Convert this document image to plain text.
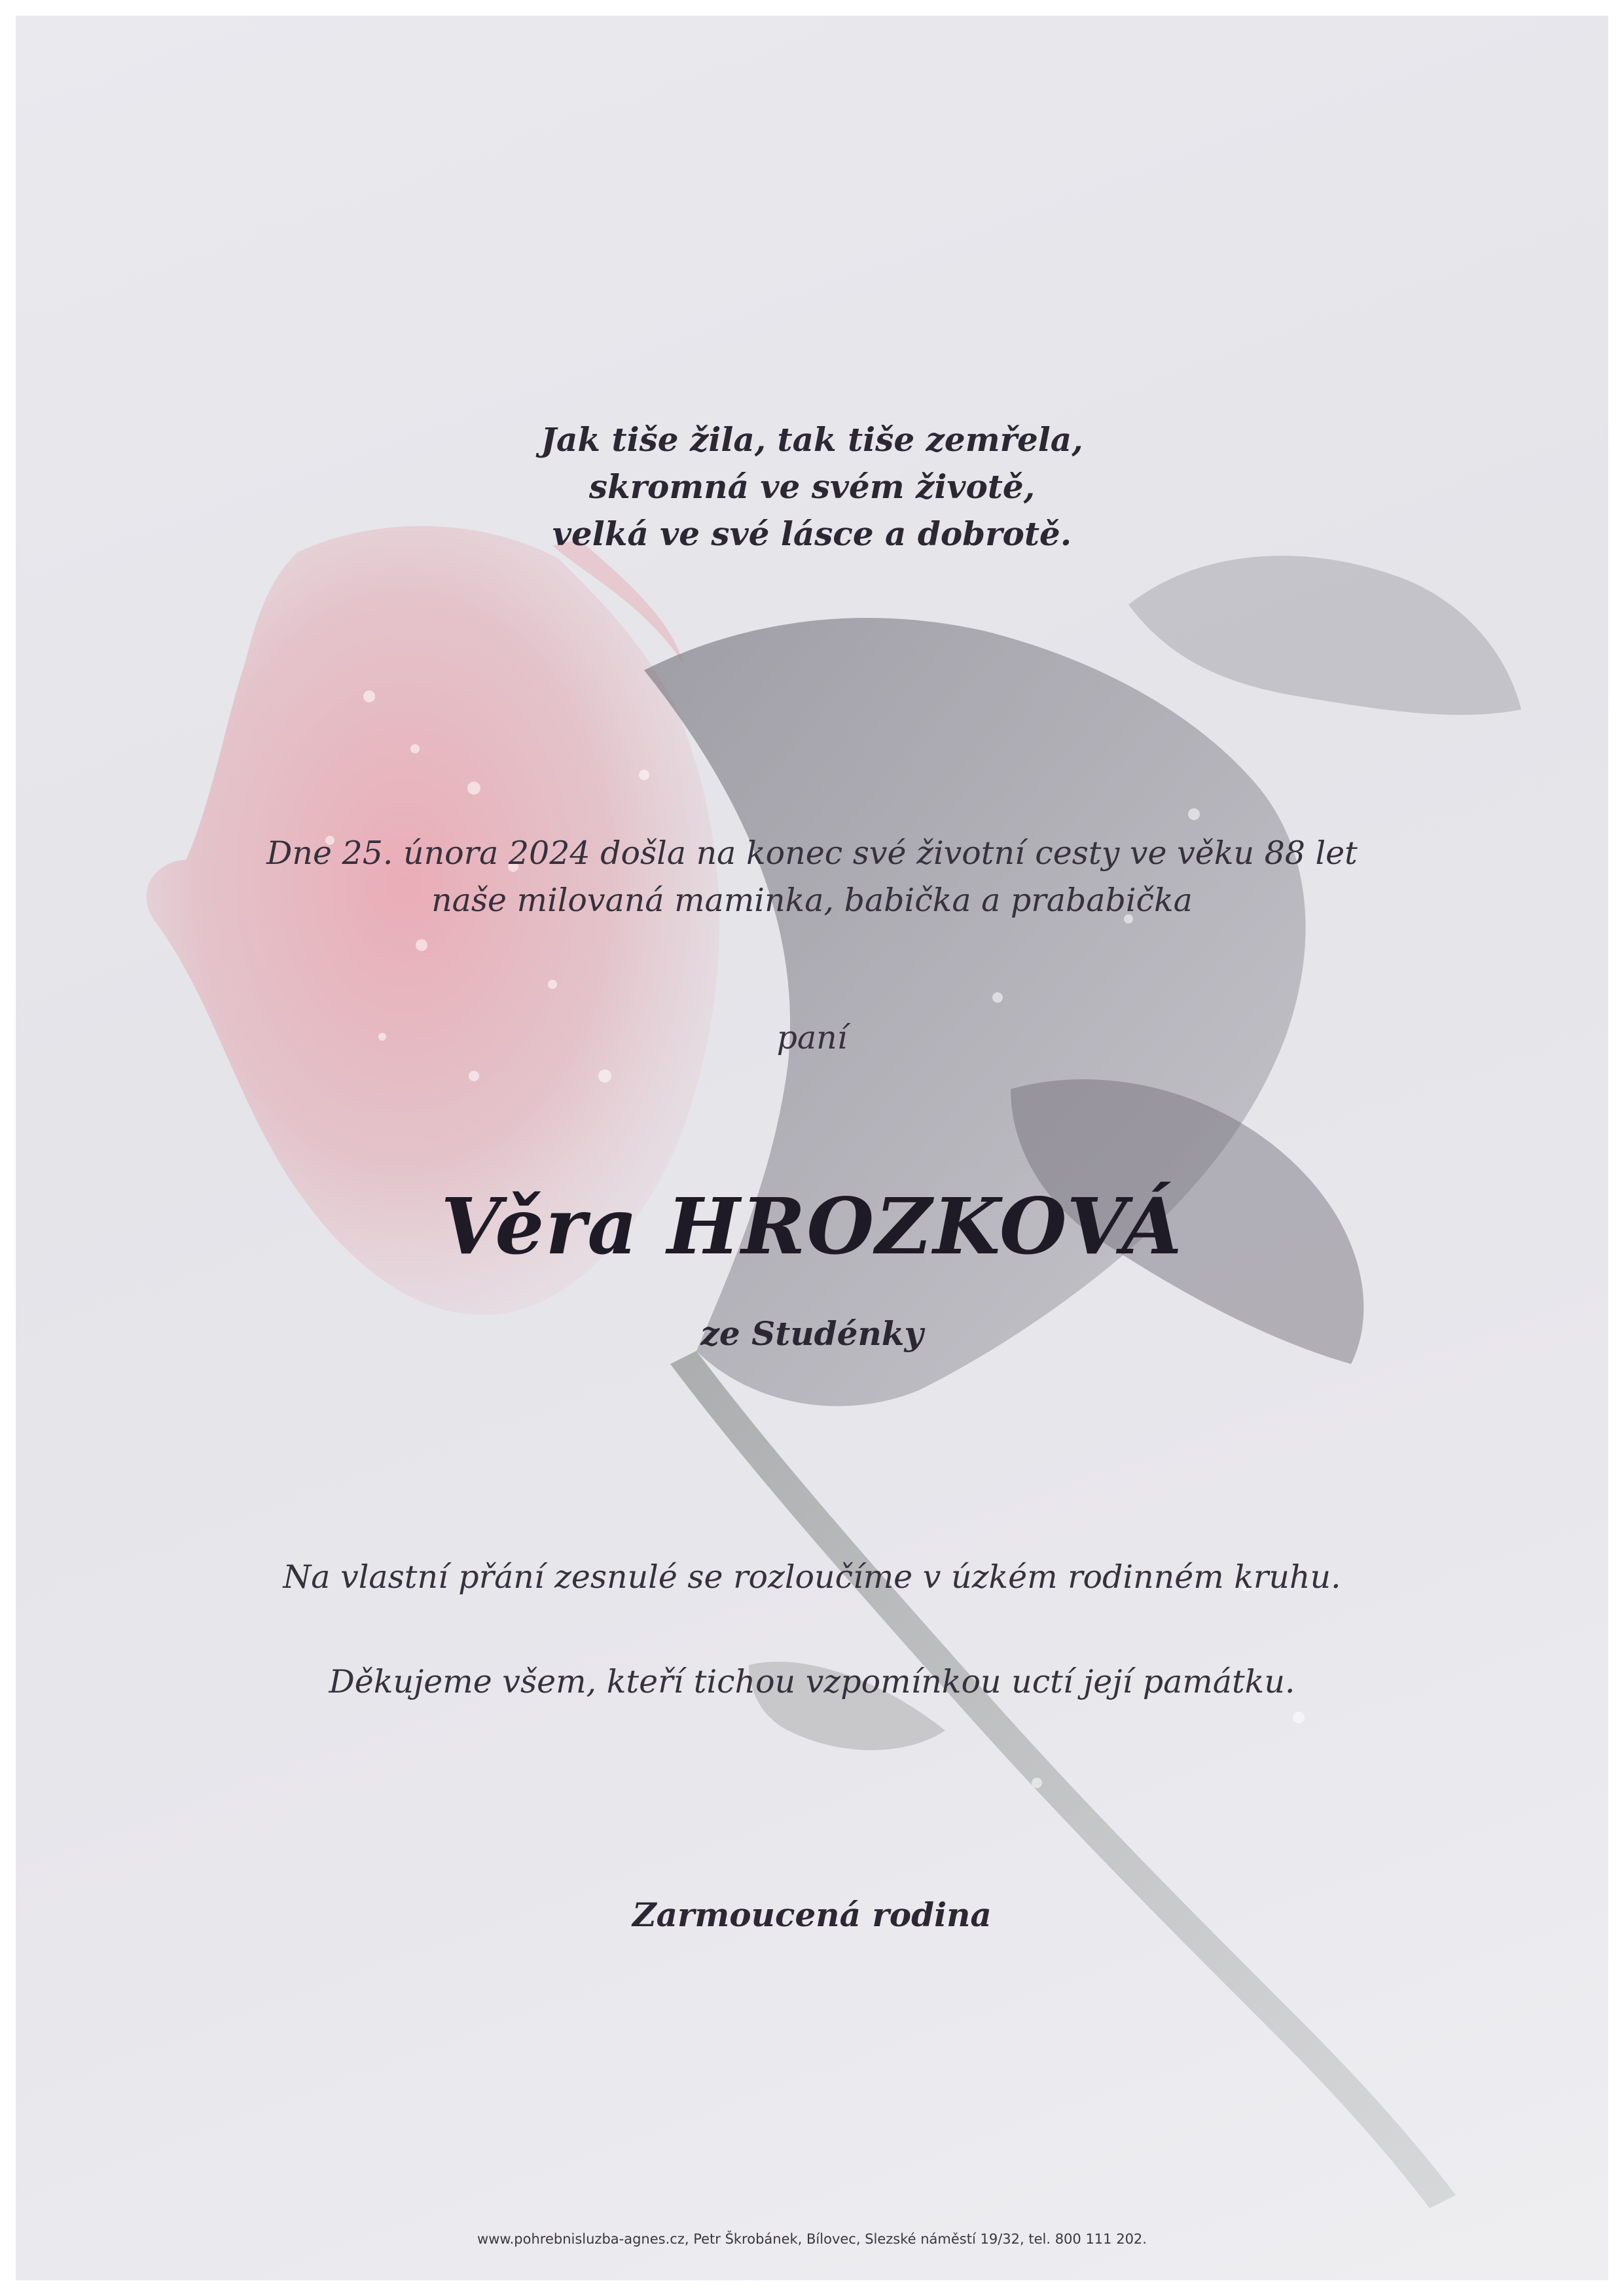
Jak tiše žila, tak tiše zemřela,
skromná ve svém životě,
velká ve své lásce a dobrotě.

Dne 25. února 2024 došla na konec své životní cesty ve věku 88 let
naše milovaná maminka, babička a prababička

paní

Věra HROZKOVÁ

ze Studénky

Na vlastní přání zesnulé se rozloučíme v úzkém rodinném kruhu.

Děkujeme všem, kteří tichou vzpomínkou uctí její památku.

Zarmoucená rodina

www.pohrebnisluzba-agnes.cz, Petr Škrobánek, Bílovec, Slezské náměstí 19/32, tel. 800 111 202.
